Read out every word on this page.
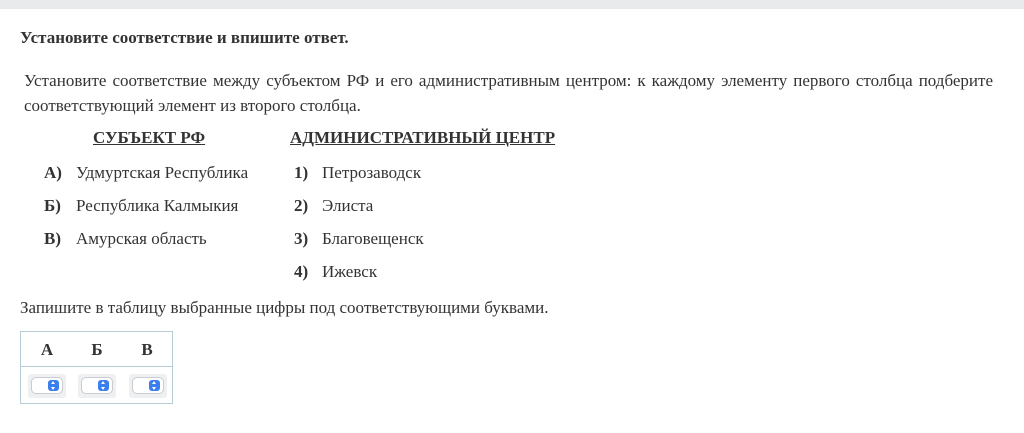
Установите соответствие и впишите ответ.

Установите соответствие между субъектом РФ и его административным центром: к каждому элементу первого столбца подберите соответствующий элемент из второго столбца.

СУБЪЕКТ РФ	АДМИНИСТРАТИВНЫЙ ЦЕНТР
А) Удмуртская Республика
Б) Республика Калмыкия
В) Амурская область
1) Петрозаводск
2) Элиста
3) Благовещенск
4) Ижевск

Запишите в таблицу выбранные цифры под соответствующими буквами.

А	Б	В
